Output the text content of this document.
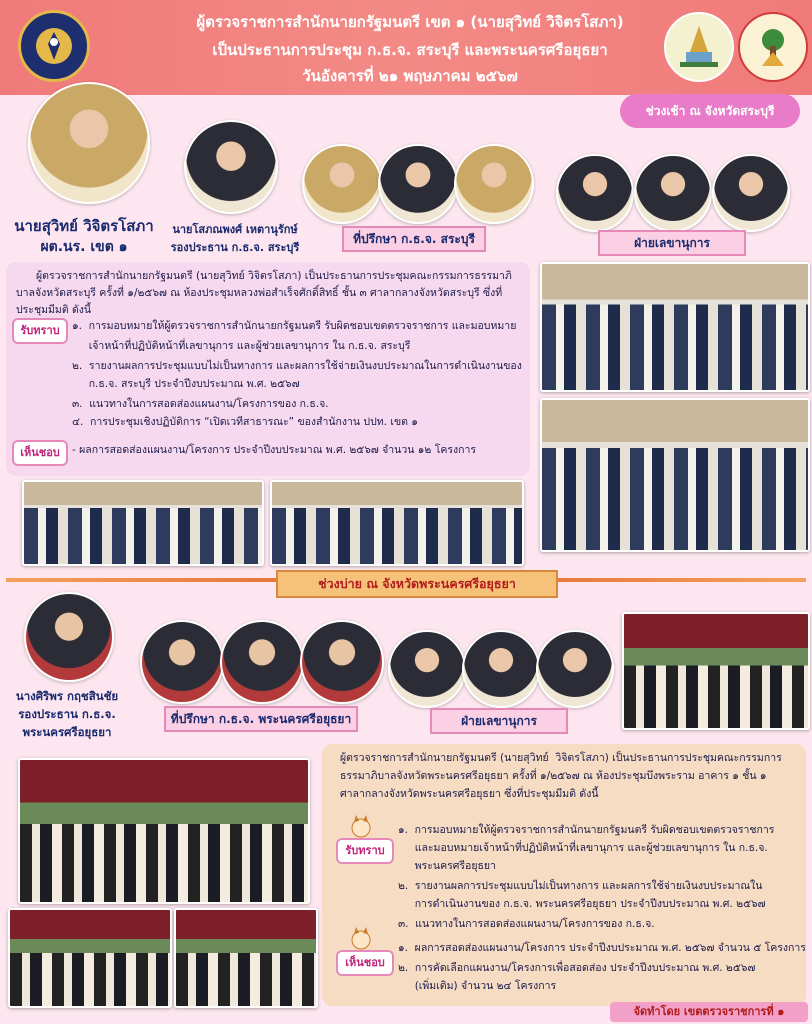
ผู้ตรวจราชการสำนักนายกรัฐมนตรี เขต ๑ (นายสุวิทย์ วิจิตรโสภา)
เป็นประธานการประชุม ก.ธ.จ. สระบุรี และพระนครศรีอยุธยา
วันอังคารที่ ๒๑ พฤษภาคม ๒๕๖๗
นายสุวิทย์ วิจิตรโสภา
ผต.นร. เขต ๑
นายโสภณพงศ์ เหตานุรักษ์
รองประธาน ก.ธ.จ. สระบุรี
ที่ปรึกษา ก.ธ.จ. สระบุรี
ช่วงเช้า ณ จังหวัดสระบุรี
ฝ่ายเลขานุการ
ผู้ตรวจราชการสำนักนายกรัฐมนตรี (นายสุวิทย์ วิจิตรโสภา) เป็นประธานการประชุมคณะกรรมการธรรมาภิบาลจังหวัดสระบุรี ครั้งที่ ๑/๒๕๖๗ ณ ห้องประชุมหลวงพ่อสำเร็จศักดิ์สิทธิ์ ชั้น ๓ ศาลากลางจังหวัดสระบุรี ซึ่งที่ประชุมมีมติ ดังนี้
รับทราบ	๑.  การมอบหมายให้ผู้ตรวจราชการสำนักนายกรัฐมนตรี รับผิดชอบเขตตรวจราชการ และมอบหมาย
เจ้าหน้าที่ปฏิบัติหน้าที่เลขานุการ และผู้ช่วยเลขานุการ ใน ก.ธ.จ. สระบุรี
๒.  รายงานผลการประชุมแบบไม่เป็นทางการ และผลการใช้จ่ายเงินงบประมาณในการดำเนินงานของ
ก.ธ.จ. สระบุรี ประจำปีงบประมาณ พ.ศ. ๒๕๖๗
๓.  แนวทางในการสอดส่องแผนงาน/โครงการของ ก.ธ.จ.
๔.  การประชุมเชิงปฏิบัติการ “เปิดเวทีสาธารณะ” ของสำนักงาน ปปท. เขต ๑
เห็นชอบ	- ผลการสอดส่องแผนงาน/โครงการ ประจำปีงบประมาณ พ.ศ. ๒๕๖๗ จำนวน ๑๒ โครงการ
ช่วงบ่าย ณ จังหวัดพระนครศรีอยุธยา
นางศิริพร กฤชสินชัย
รองประธาน ก.ธ.จ.
พระนครศรีอยุธยา
ที่ปรึกษา ก.ธ.จ. พระนครศรีอยุธยา	ฝ่ายเลขานุการ
ผู้ตรวจราชการสำนักนายกรัฐมนตรี (นายสุวิทย์  วิจิตรโสภา) เป็นประธานการประชุมคณะกรรมการ
ธรรมาภิบาลจังหวัดพระนครศรีอยุธยา ครั้งที่ ๑/๒๕๖๗ ณ ห้องประชุมบึงพระราม อาคาร ๑ ชั้น ๑
ศาลากลางจังหวัดพระนครศรีอยุธยา ซึ่งที่ประชุมมีมติ ดังนี้
รับทราบ
๑.  การมอบหมายให้ผู้ตรวจราชการสำนักนายกรัฐมนตรี รับผิดชอบเขตตรวจราชการ
และมอบหมายเจ้าหน้าที่ปฏิบัติหน้าที่เลขานุการ และผู้ช่วยเลขานุการ ใน ก.ธ.จ.
พระนครศรีอยุธยา
๒.  รายงานผลการประชุมแบบไม่เป็นทางการ และผลการใช้จ่ายเงินงบประมาณใน
การดำเนินงานของ ก.ธ.จ. พระนครศรีอยุธยา ประจำปีงบประมาณ พ.ศ. ๒๕๖๗
๓.  แนวทางในการสอดส่องแผนงาน/โครงการของ ก.ธ.จ.
เห็นชอบ
๑.  ผลการสอดส่องแผนงาน/โครงการ ประจำปีงบประมาณ พ.ศ. ๒๕๖๗ จำนวน ๕ โครงการ
๒.  การคัดเลือกแผนงาน/โครงการเพื่อสอดส่อง ประจำปีงบประมาณ พ.ศ. ๒๕๖๗
(เพิ่มเติม) จำนวน ๒๔ โครงการ
จัดทำโดย เขตตรวจราชการที่ ๑
